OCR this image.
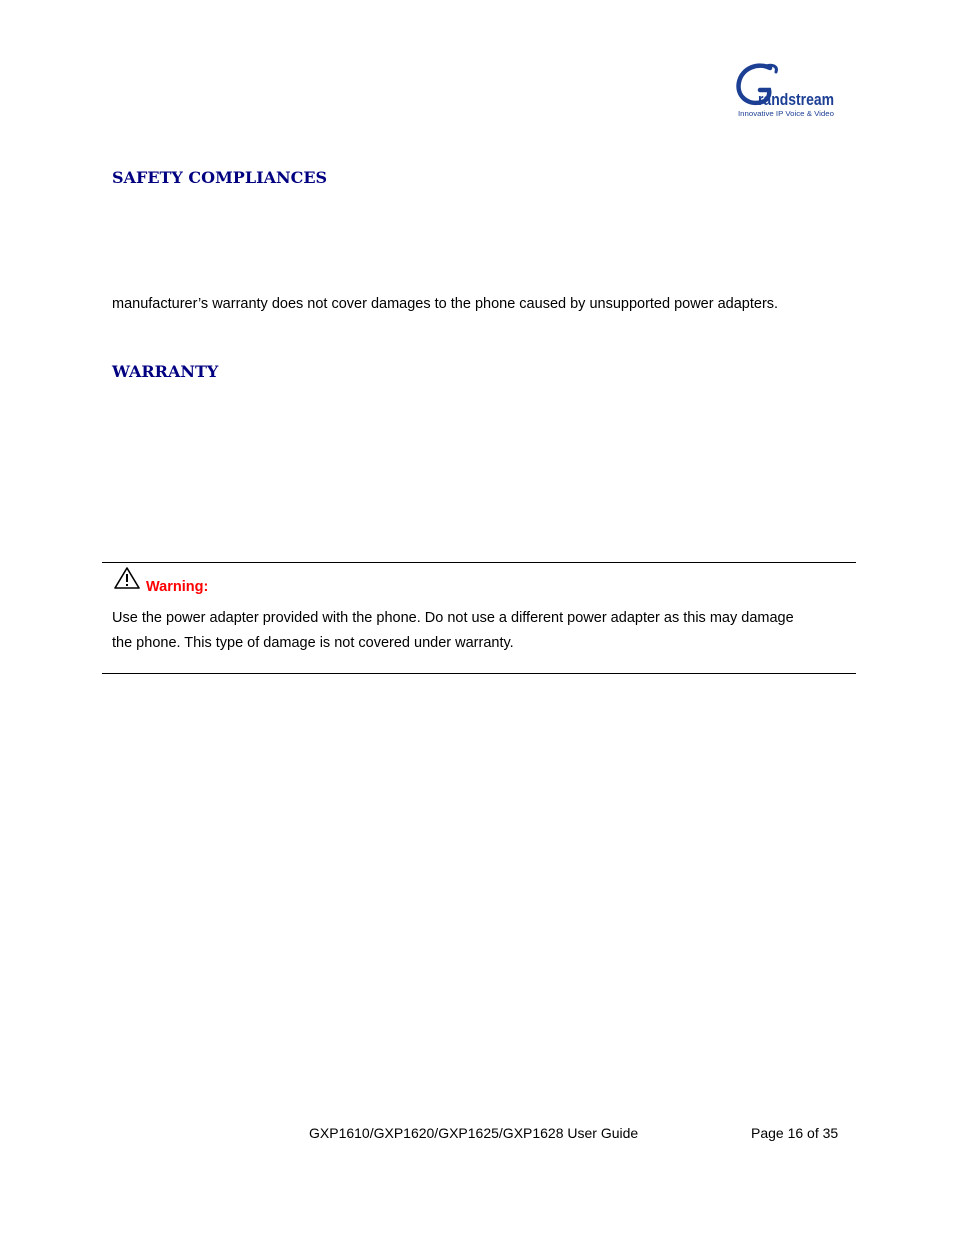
randstream
Innovative IP Voice & Video
SAFETY COMPLIANCES
manufacturer’s warranty does not cover damages to the phone caused by unsupported power adapters.
WARRANTY
Warning:
Use the power adapter provided with the phone. Do not use a different power adapter as this may damage
the phone. This type of damage is not covered under warranty.
GXP1610/GXP1620/GXP1625/GXP1628 User Guide	Page 16 of 35
